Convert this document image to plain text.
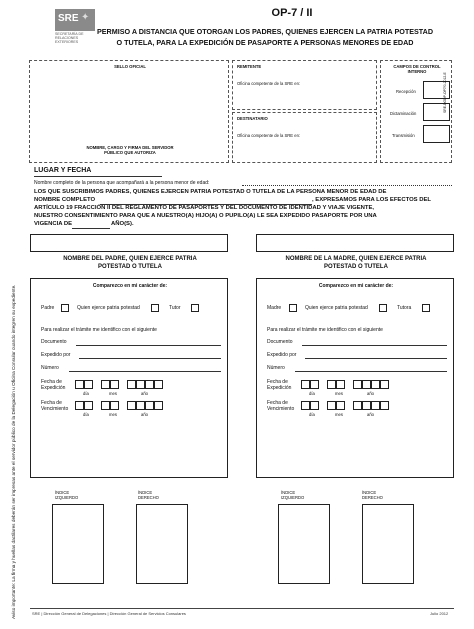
SRE ✦
SECRETARÍA DE RELACIONES EXTERIORES
OP-7 / II
PERMISO A DISTANCIA QUE OTORGAN LOS PADRES, QUIENES EJERCEN LA PATRIA POTESTAD
O TUTELA, PARA LA EXPEDICIÓN DE PASAPORTE A PERSONAS MENORES DE EDAD
SELLO OFICIAL
NOMBRE, CARGO Y FIRMA DEL SERVIDOR PÚBLICO QUE AUTORIZA
REMITENTE
Oficina competente de la SRE en:
DESTINATARIO
Oficina competente de la SRE en:
CAMPOS DE CONTROL INTERNO
Recepción
Dictaminación
Transmisión
SRE-DGDP-OP7/0-2012-E
LUGAR Y FECHA
Nombre completo de la persona que acompañará a la persona menor de edad:
LOS QUE SUSCRIBIMOS PADRES, QUIENES EJERCEN PATRIA POTESTAD O TUTELA DE LA PERSONA MENOR DE EDAD DE
NOMBRE COMPLETO	, EXPRESAMOS PARA LOS EFECTOS DEL
ARTÍCULO 19 FRACCIÓN II DEL REGLAMENTO DE PASAPORTES Y DEL DOCUMENTO DE IDENTIDAD Y VIAJE VIGENTE,
NUESTRO CONSENTIMIENTO PARA QUE A NUESTRO(A) HIJO(A) O PUPILO(A) LE SEA EXPEDIDO PASAPORTE POR UNA
VIGENCIA DE	AÑO(S).
Aviso importante: La firma y huellas dactilares deberán ser impresas ante el servidor público de la Delegación u Oficina Consular cuando integren su expediente.
NOMBRE DEL PADRE, QUIEN EJERCE PATRIA POTESTAD O TUTELA
Comparezco en mi carácter de:
Padre	Quien ejerce patria potestad	Tutor
Para realizar el trámite me identifico con el siguiente
Documento
Expedido por
Número
Fecha de Expedición
día	mes	año
Fecha de Vencimiento
día	mes	año
ÍNDICE IZQUIERDO
ÍNDICE DERECHO
NOMBRE DE LA MADRE, QUIEN EJERCE PATRIA POTESTAD O TUTELA
Comparezco en mi carácter de:
Madre	Quien ejerce patria potestad	Tutora
Para realizar el trámite me identifico con el siguiente
Documento
Expedido por
Número
Fecha de Expedición
día	mes	año
Fecha de Vencimiento
día	mes	año
ÍNDICE IZQUIERDO
ÍNDICE DERECHO
SRE | Dirección General de Delegaciones | Dirección General de Servicios Consulares	Julio 2012
